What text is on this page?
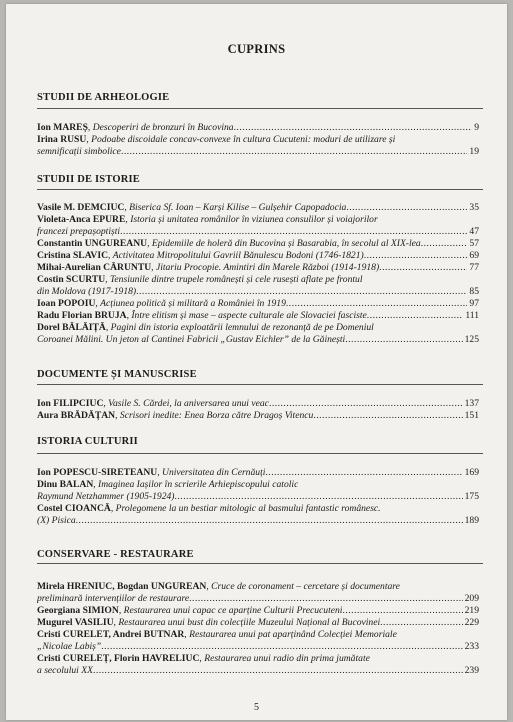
CUPRINS
STUDII DE ARHEOLOGIE
Ion MAREȘ, Descoperiri de bronzuri în Bucovina .....	9
Irina RUSU, Podoabe discoidale concav-convexe în cultura Cucuteni: moduri de utilizare și
semnificații simbolice .....	19
STUDII DE ISTORIE
Vasile M. DEMCIUC, Biserica Sf. Ioan – Karși Kilise – Gulșehir Capopadocia .....	35
Violeta-Anca EPURE, Istoria și unitatea românilor în viziunea consulilor și voiajorilor
francezi prepașoptiști .....	47
Constantin UNGUREANU, Epidemiile de holeră din Bucovina și Basarabia, în secolul al XIX-lea .....	57
Cristina SLAVIC, Activitatea Mitropolitului Gavriil Bănulescu Bodoni (1746-1821) .....	69
Mihai-Aurelian CĂRUNTU, Jitariu Procopie. Amintiri din Marele Război (1914-1918) .....	77
Costin SCURTU, Tensiunile dintre trupele românești și cele rusești aflate pe frontul
din Moldova (1917-1918) .....	85
Ioan POPOIU, Acțiunea politică și militară a României în 1919 .....	97
Radu Florian BRUJA, Între elitism și mase – aspecte culturale ale Slovaciei fasciste .....	111
Dorel BĂLĂIȚĂ, Pagini din istoria exploatării lemnului de rezonanță de pe Domeniul
Coroanei Mălini. Un jeton al Cantinei Fabricii „Gustav Eichler” de la Găinești .....	125
DOCUMENTE ȘI MANUSCRISE
Ion FILIPCIUC, Vasile S. Cărdei, la aniversarea unui veac .....	137
Aura BRĂDĂȚAN, Scrisori inedite: Enea Borza către Dragoș Vitencu .....	151
ISTORIA CULTURII
Ion POPESCU-SIRETEANU, Universitatea din Cernăuți .....	169
Dinu BALAN, Imaginea Iașilor în scrierile Arhiepiscopului catolic
Raymund Netzhammer (1905-1924) .....	175
Costel CIOANCĂ, Prolegomene la un bestiar mitologic al basmului fantastic românesc.
(X) Pisica .....	189
CONSERVARE - RESTAURARE
Mirela HRENIUC, Bogdan UNGUREAN, Cruce de coronament – cercetare și documentare
preliminară intervențiilor de restaurare .....	209
Georgiana SIMION, Restaurarea unui capac ce aparține Culturii Precucuteni .....	219
Mugurel VASILIU, Restaurarea unui bust din colecțiile Muzeului Național al Bucovinei .....	229
Cristi CURELET, Andrei BUTNAR, Restaurarea unui pat aparținând Colecției Memoriale
„Nicolae Labiș” .....	233
Cristi CURELEȚ, Florin HAVRELIUC, Restaurarea unui radio din prima jumătate
a secolului XX .....	239
5
